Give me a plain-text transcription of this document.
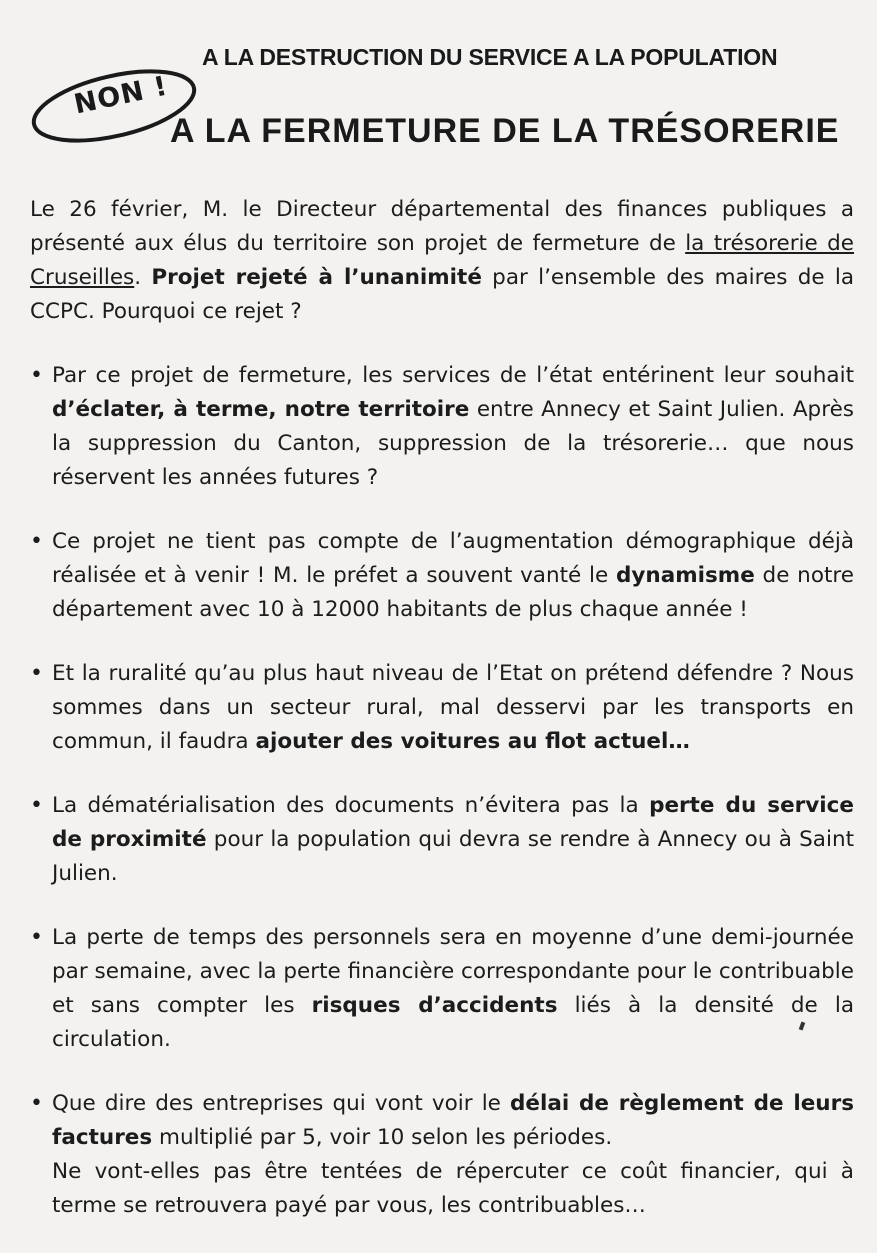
NON !
A LA DESTRUCTION DU SERVICE A LA POPULATION
A LA FERMETURE DE LA TRÉSORERIE

Le 26 février, M. le Directeur départemental des finances publiques a présenté aux élus du territoire son projet de fermeture de la trésorerie de Cruseilles. Projet rejeté à l’unanimité par l’ensemble des maires de la CCPC. Pourquoi ce rejet ?

• Par ce projet de fermeture, les services de l’état entérinent leur souhait d’éclater, à terme, notre territoire entre Annecy et Saint Julien. Après la suppression du Canton, suppression de la trésorerie… que nous réservent les années futures ?
• Ce projet ne tient pas compte de l’augmentation démographique déjà réalisée et à venir ! M. le préfet a souvent vanté le dynamisme de notre département avec 10 à 12000 habitants de plus chaque année !
• Et la ruralité qu’au plus haut niveau de l’Etat on prétend défendre ? Nous sommes dans un secteur rural, mal desservi par les transports en commun, il faudra ajouter des voitures au flot actuel…
• La dématérialisation des documents n’évitera pas la perte du service de proximité pour la population qui devra se rendre à Annecy ou à Saint Julien.
• La perte de temps des personnels sera en moyenne d’une demi-journée par semaine, avec la perte financière correspondante pour le contribuable et sans compter les risques d’accidents liés à la densité de la circulation.
• Que dire des entreprises qui vont voir le délai de règlement de leurs factures multiplié par 5, voir 10 selon les périodes.
Ne vont-elles pas être tentées de répercuter ce coût financier, qui à terme se retrouvera payé par vous, les contribuables…
